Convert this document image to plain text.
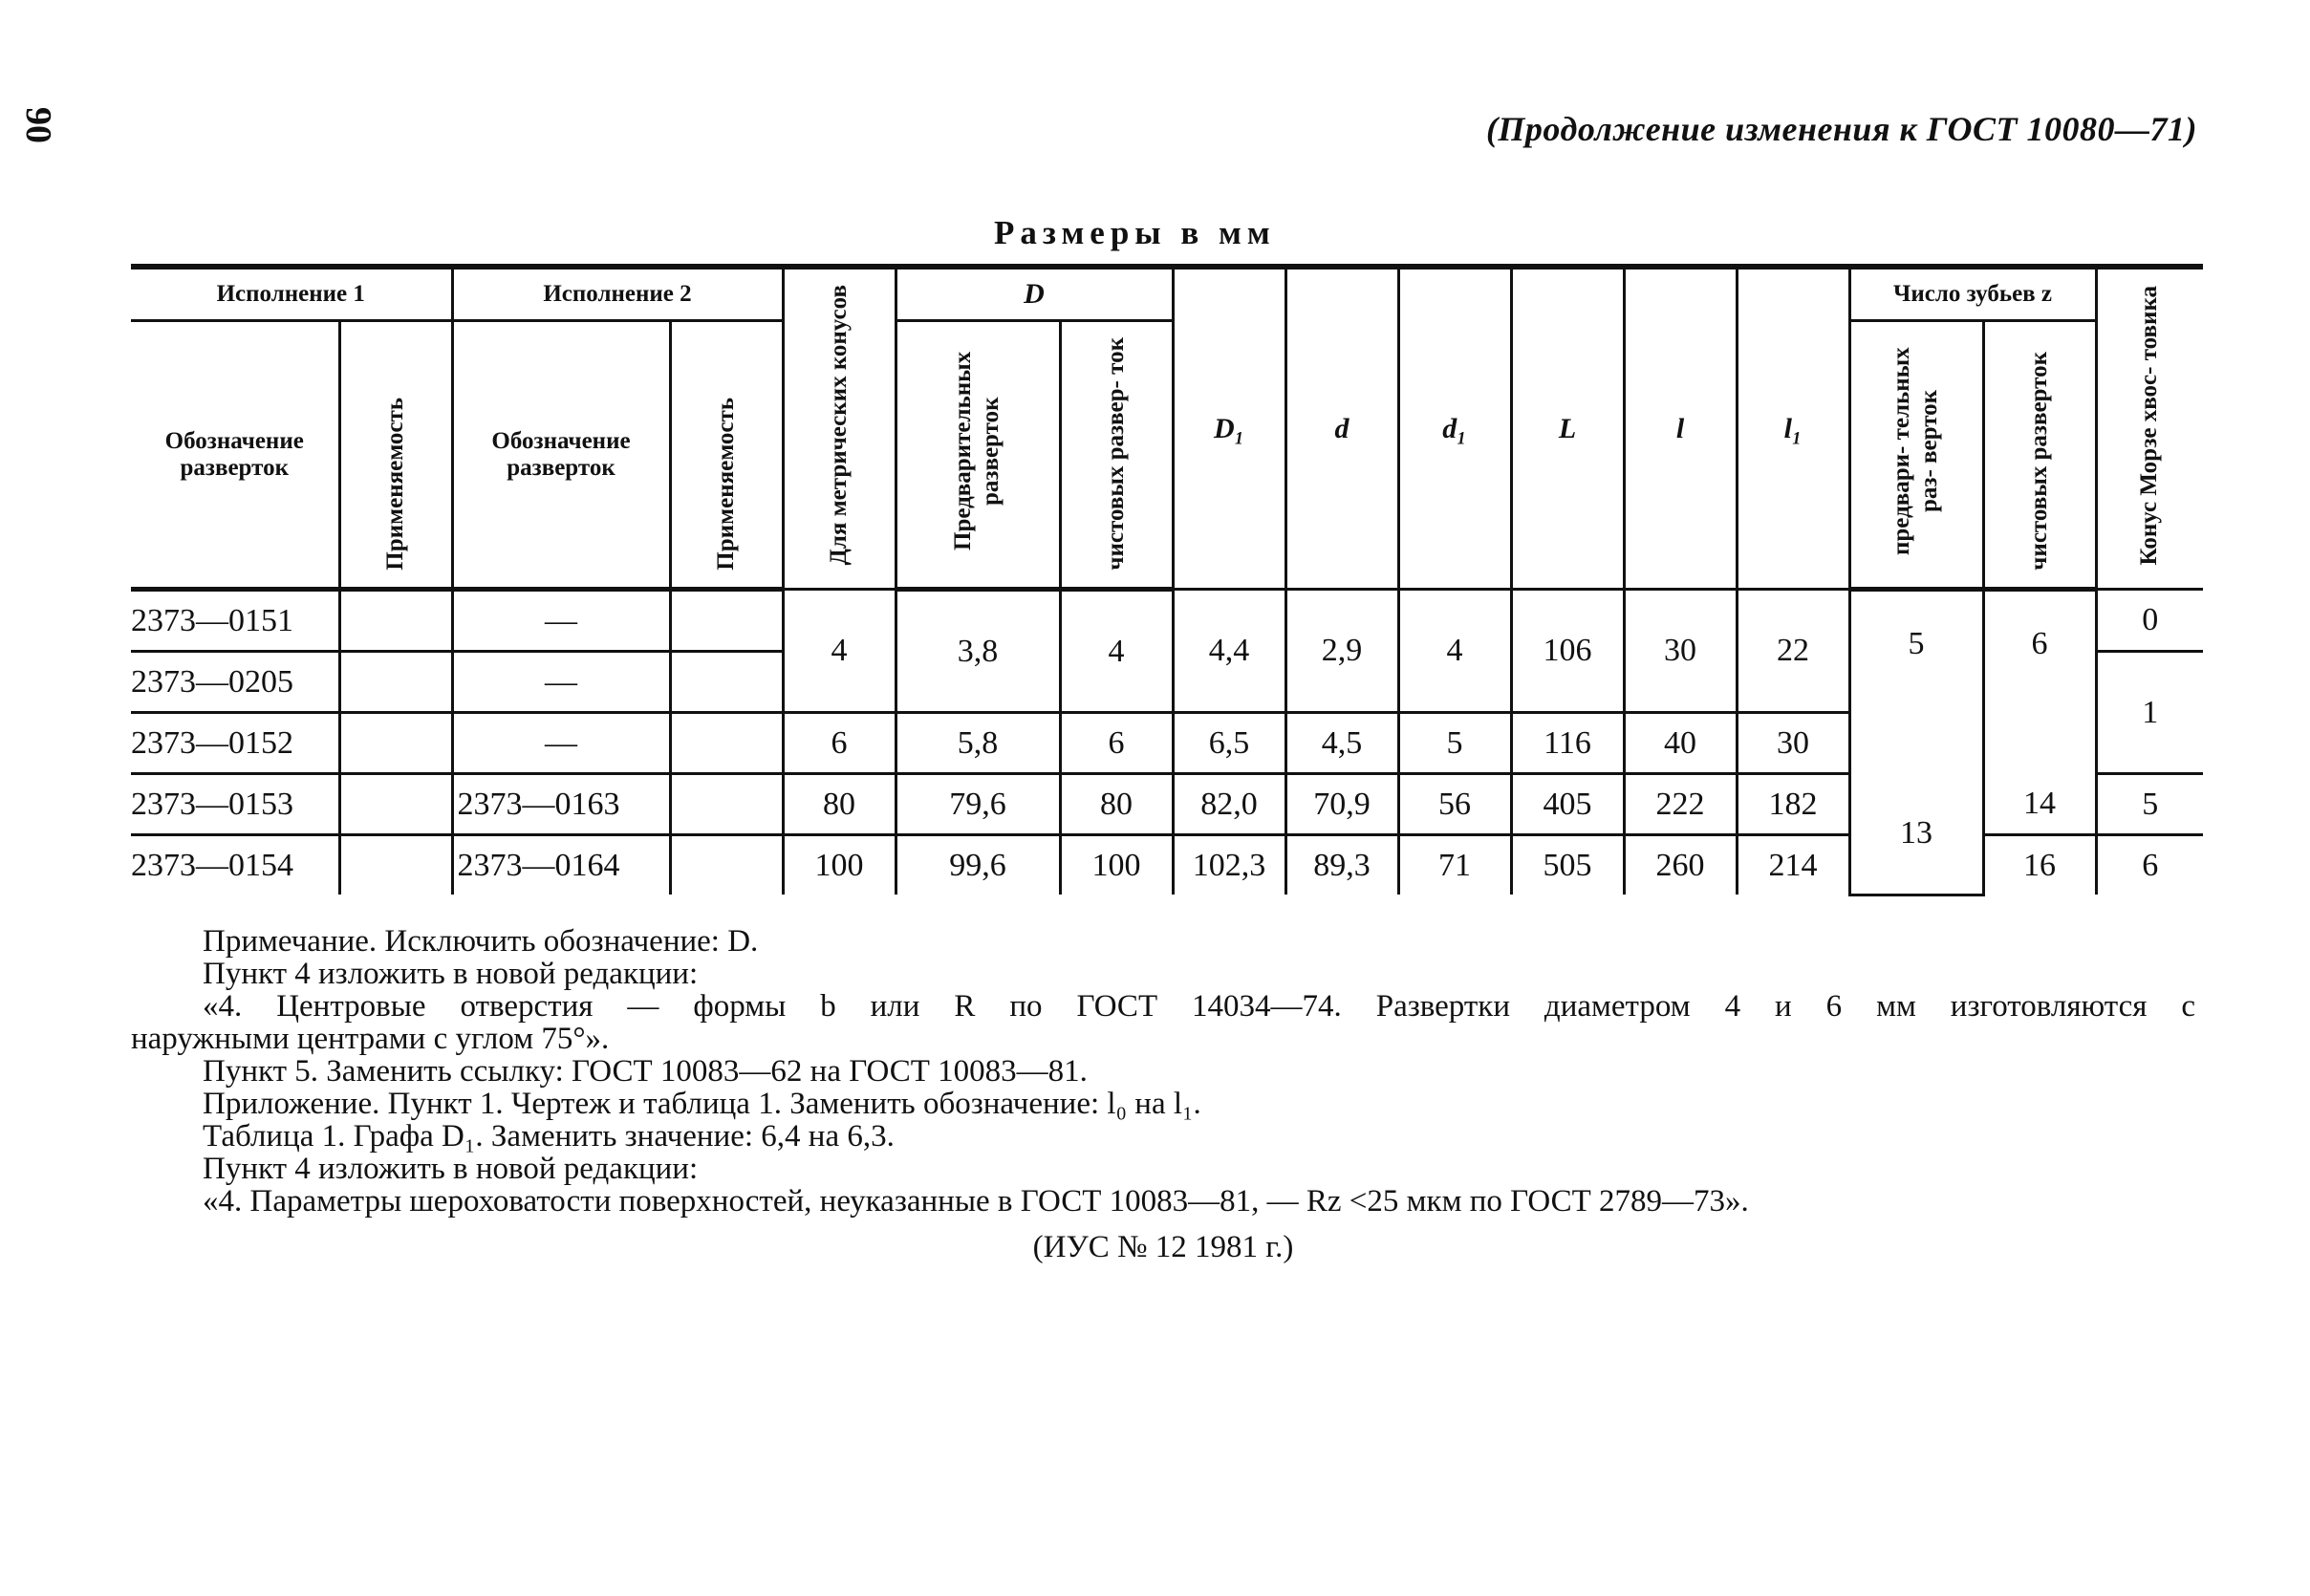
90	(Продолжение изменения к ГОСТ 10080—71)
Размеры в мм
Исполнение 1		Исполнение 2		Для метрических конусов	D		D₁	d	d₁	L	l	l₁	Число зубьев z		Конус Морзе хвос- товика
Обозначение разверток	Применяемость	Обозначение разверток	Применяемость		Предварительных разверток	чистовых развер- ток							предвари- тельных раз- верток	чистовых разверток	
2373—0151		—		4	3,8	4	4,4	2,9	4	106	30	22	5	6	0
2373—0205		—													1
2373—0152		—		6	5,8	6	6,5	4,5	5	116	40	30			
2373—0153		2373—0163		80	79,6	80	82,0	70,9	56	405	222	182	13	14	5
2373—0154		2373—0164		100	99,6	100	102,3	89,3	71	505	260	214		16	6

Примечание. Исключить обозначение: D.

Пункт 4 изложить в новой редакции:

«4. Центровые отверстия — формы b или R по ГОСТ 14034—74. Развертки диаметром 4 и 6 мм изготовляются с

наружными центрами с углом 75°».

Пункт 5. Заменить ссылку: ГОСТ 10083—62 на ГОСТ 10083—81.

Приложение. Пункт 1. Чертеж и таблица 1. Заменить обозначение: l₀ на l₁.

Таблица 1. Графа D₁. Заменить значение: 6,4 на 6,3.

Пункт 4 изложить в новой редакции:

«4. Параметры шероховатости поверхностей, неуказанные в ГОСТ 10083—81, — Rz <25 мкм по ГОСТ 2789—73».

(ИУС № 12 1981 г.)
